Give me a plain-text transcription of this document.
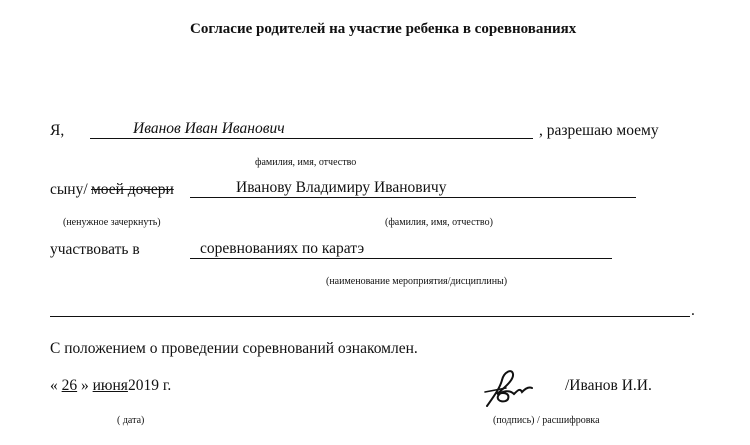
Согласие родителей на участие ребенка в соревнованиях
Я,	Иванов Иван Иванович	, разрешаю моему
фамилия, имя, отчество
сыну/ моей дочери	Иванову Владимиру Ивановичу
(ненужное зачеркнуть)	(фамилия, имя, отчество)
участвовать в	соревнованиях по каратэ
(наименование мероприятия/дисциплины)
.
С положением о проведении соревнований ознакомлен.
« 26 » июня2019 г.
( дата)
/Иванов И.И.
(подпись) / расшифровка
